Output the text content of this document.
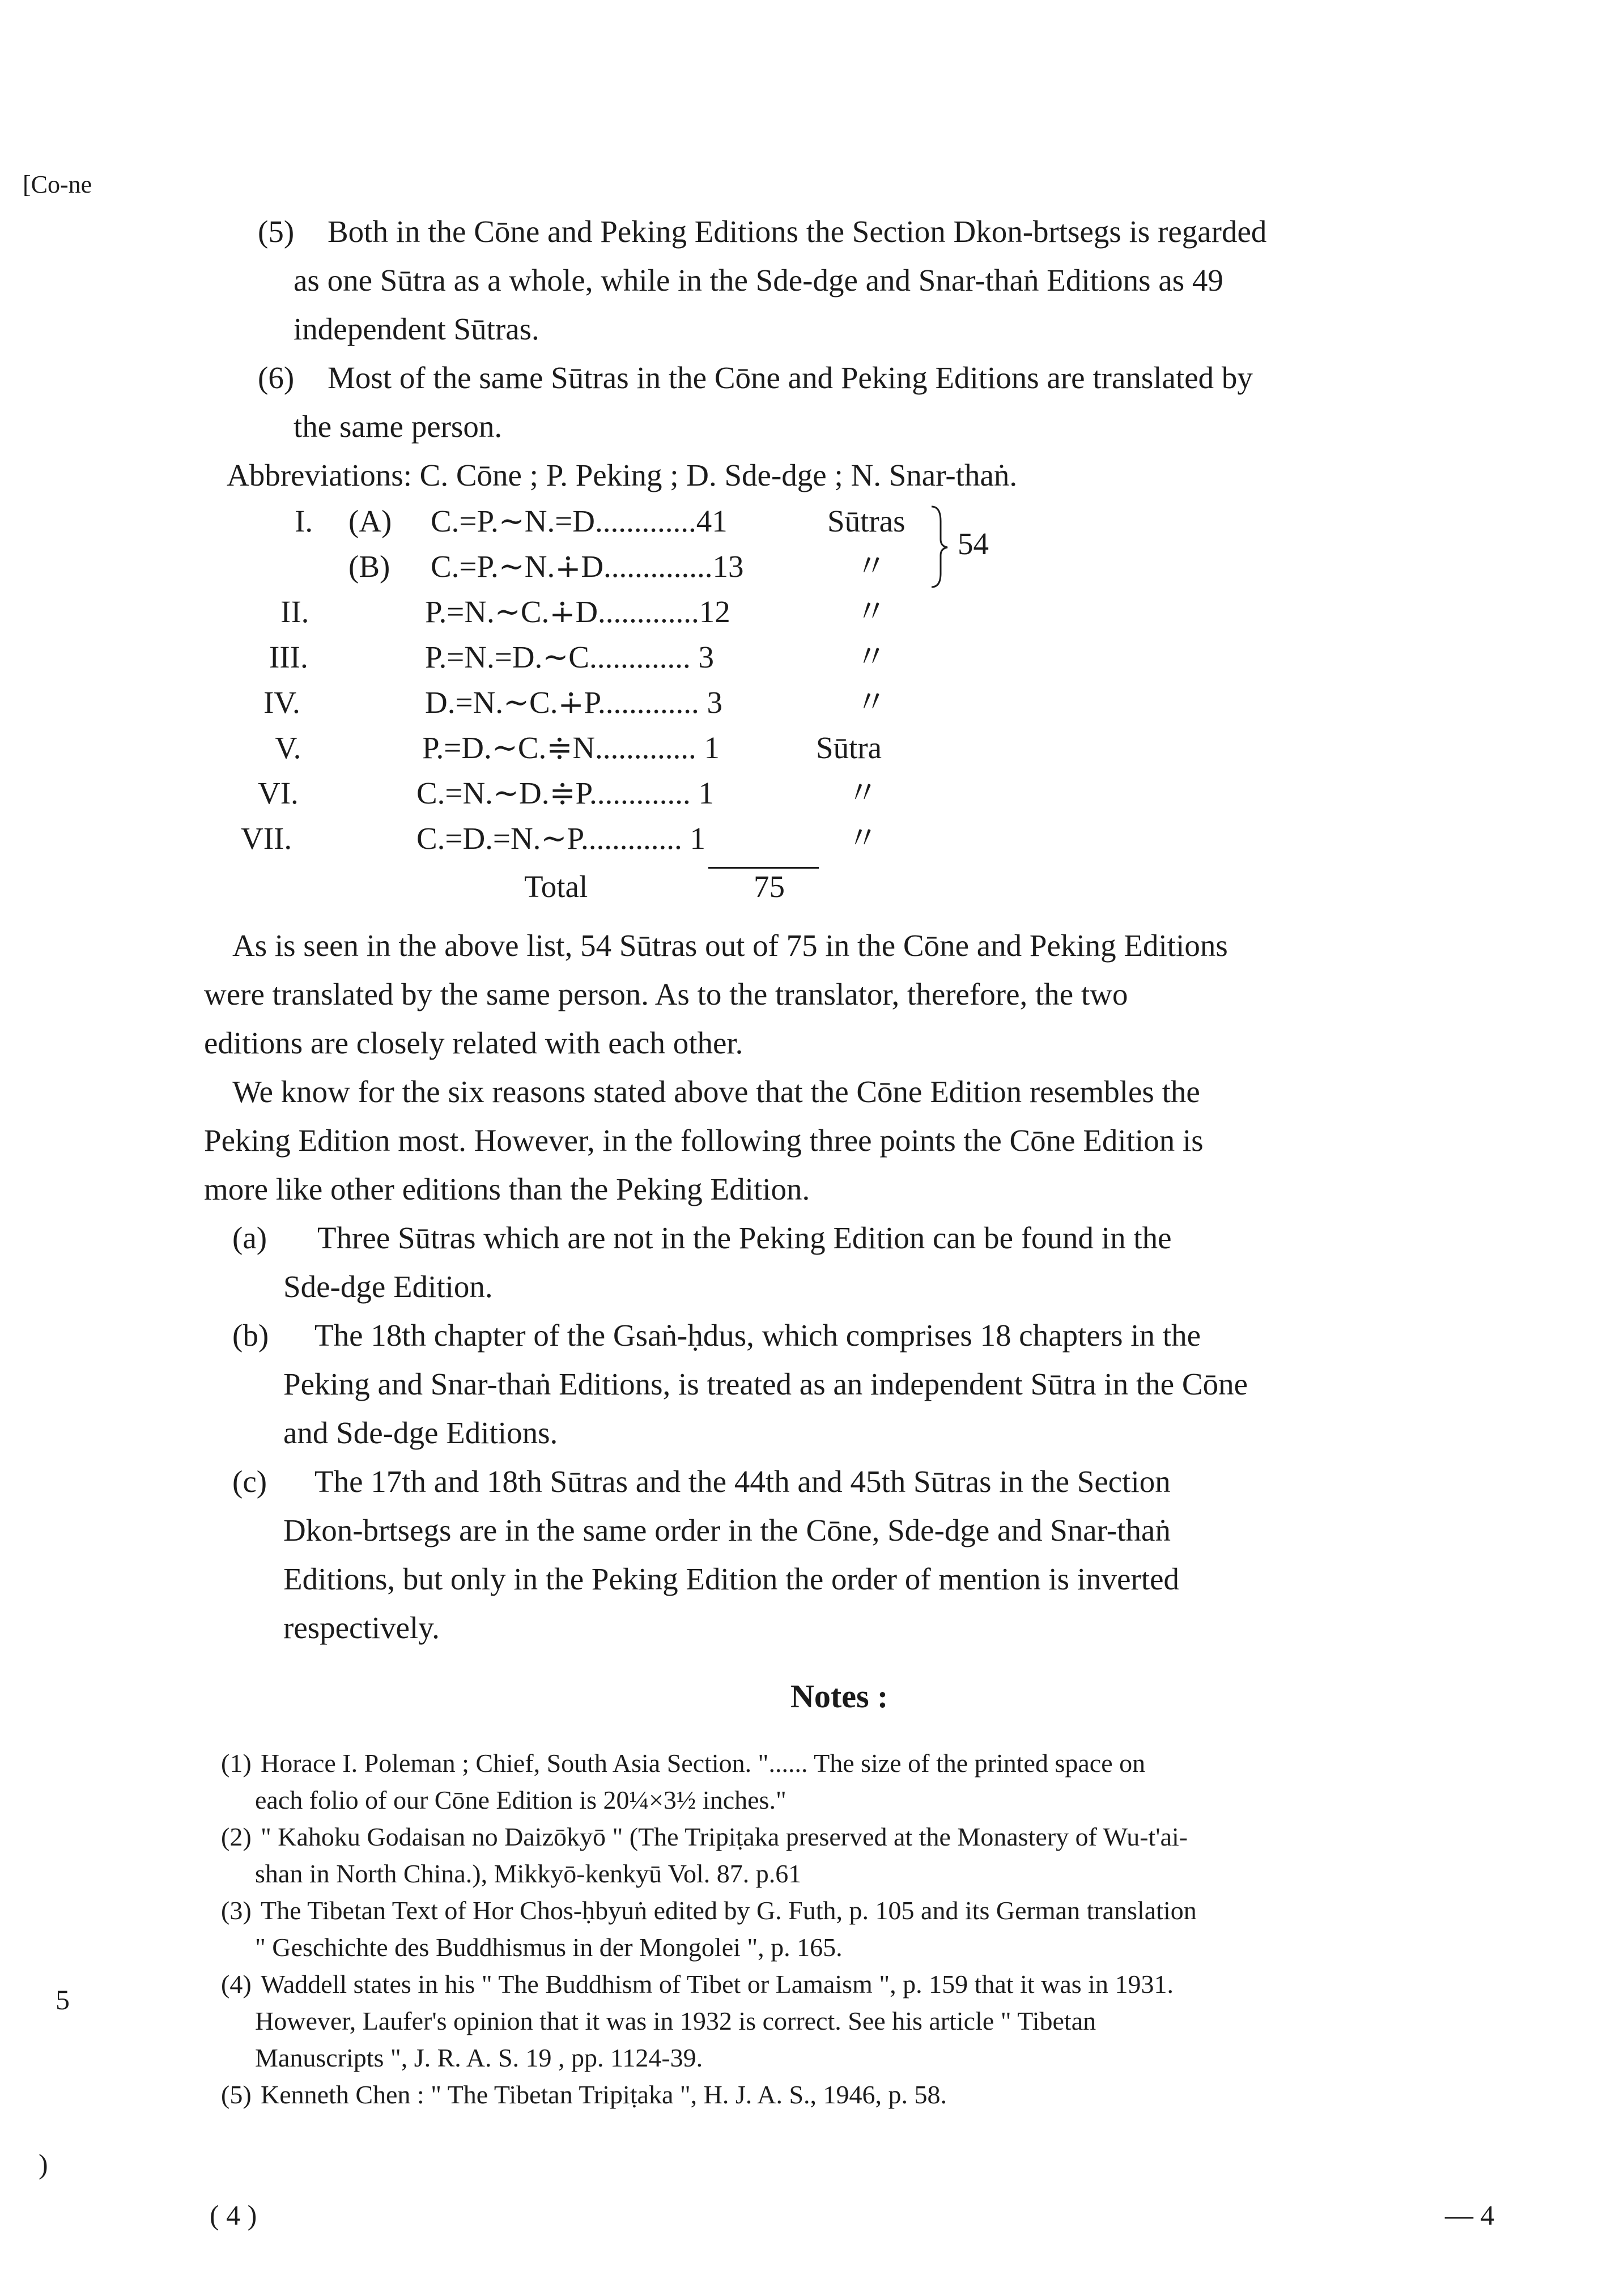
[Co-ne
5
)
(5) Both in the Cōne and Peking Editions the Section Dkon-brtsegs is regarded
as one Sūtra as a whole, while in the Sde-dge and Snar-thaṅ Editions as 49
independent Sūtras.
(6) Most of the same Sūtras in the Cōne and Peking Editions are translated by
the same person.
Abbreviations: C. Cōne ; P. Peking ; D. Sde-dge ; N. Snar-thaṅ.
I. (A) C.=P.∼N.=D.............41	Sūtras
(B) C.=P.∼N.∔D..............13	〃
II.	P.=N.∼C.∔D.............12	〃
III.	P.=N.=D.∼C............. 3	〃
IV.	D.=N.∼C.∔P............. 3	〃
V.	P.=D.∼C.≑N............. 1	Sūtra
VI.	C.=N.∼D.≑P............. 1	〃
VII.	C.=D.=N.∼P............. 1	〃
54
Total	75
As is seen in the above list, 54 Sūtras out of 75 in the Cōne and Peking Editions
were translated by the same person. As to the translator, therefore, the two
editions are closely related with each other.
We know for the six reasons stated above that the Cōne Edition resembles the
Peking Edition most. However, in the following three points the Cōne Edition is
more like other editions than the Peking Edition.
(a) Three Sūtras which are not in the Peking Edition can be found in the
Sde-dge Edition.
(b) The 18th chapter of the Gsaṅ-ḥdus, which comprises 18 chapters in the
Peking and Snar-thaṅ Editions, is treated as an independent Sūtra in the Cōne
and Sde-dge Editions.
(c) The 17th and 18th Sūtras and the 44th and 45th Sūtras in the Section
Dkon-brtsegs are in the same order in the Cōne, Sde-dge and Snar-thaṅ
Editions, but only in the Peking Edition the order of mention is inverted
respectively.
Notes :
(1) Horace I. Poleman ; Chief, South Asia Section. "...... The size of the printed space on
each folio of our Cōne Edition is 20¼×3½ inches."
(2) " Kahoku Godaisan no Daizōkyō " (The Tripiṭaka preserved at the Monastery of Wu-t'ai-
shan in North China.), Mikkyō-kenkyū Vol. 87. p.61
(3) The Tibetan Text of Hor Chos-ḥbyuṅ edited by G. Futh, p. 105 and its German translation
" Geschichte des Buddhismus in der Mongolei ", p. 165.
(4) Waddell states in his " The Buddhism of Tibet or Lamaism ", p. 159 that it was in 1931.
However, Laufer's opinion that it was in 1932 is correct. See his article " Tibetan
Manuscripts ", J. R. A. S. 19 , pp. 1124-39.
(5) Kenneth Chen : " The Tibetan Tripiṭaka ", H. J. A. S., 1946, p. 58.
( 4 )	— 4
